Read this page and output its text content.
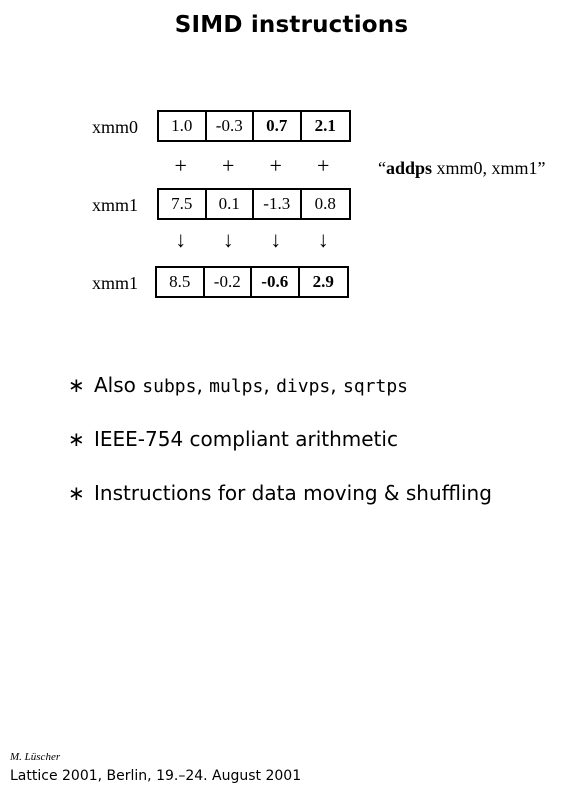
SIMD instructions
xmm0	1.0	-0.3	0.7	2.1
+	+	+	+	“addps xmm0, xmm1”
xmm1	7.5	0.1	-1.3	0.8
↓	↓	↓	↓
xmm1	8.5	-0.2	-0.6	2.9
∗ Also subps, mulps, divps, sqrtps
∗ IEEE-754 compliant arithmetic
∗ Instructions for data moving & shuffling
M. Lüscher
Lattice 2001, Berlin, 19.–24. August 2001
